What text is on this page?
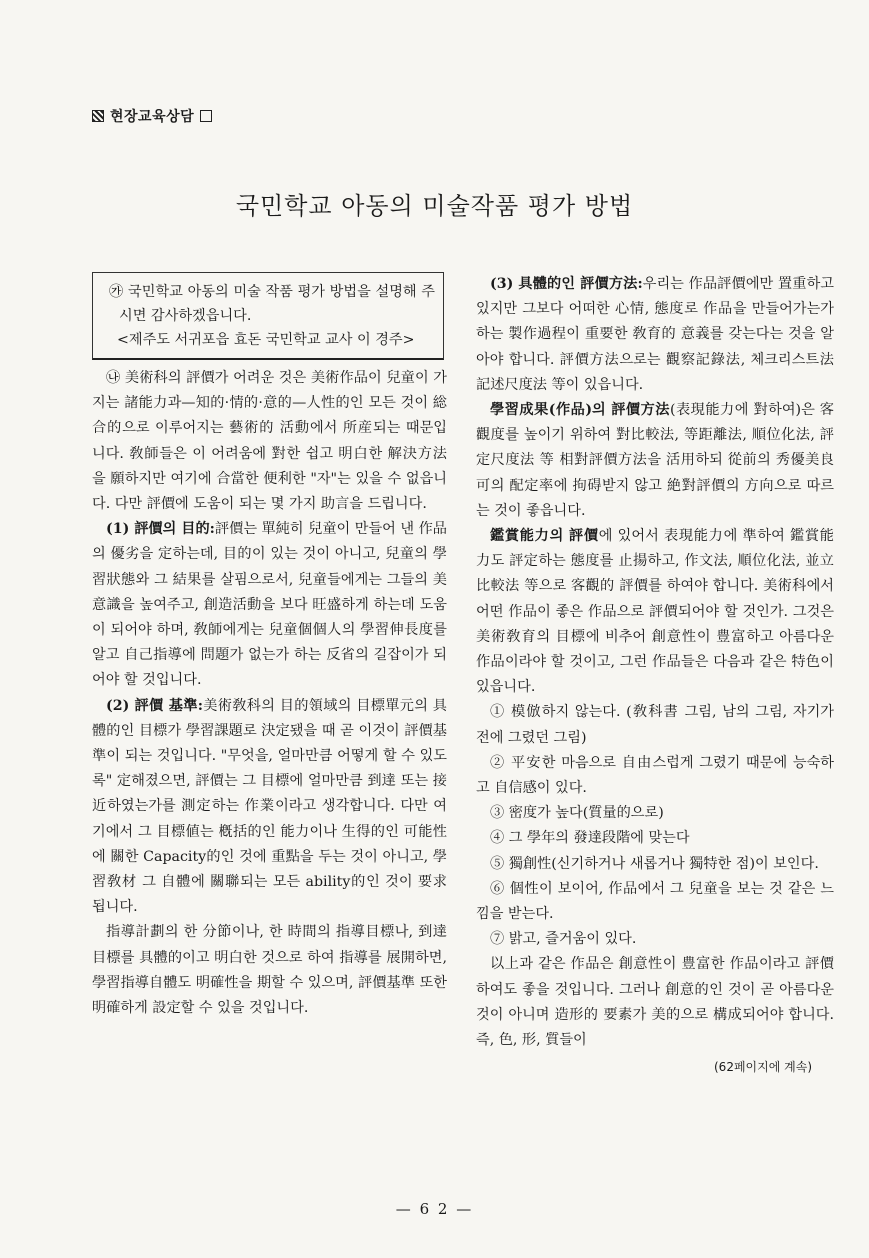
현장교육상담
국민학교 아동의 미술작품 평가 방법

㉮ 국민학교 아동의 미술 작품 평가 방법을 설명해 주시면 감사하겠읍니다.

<제주도 서귀포읍 효돈 국민학교 교사 이 경주>

㉯ 美術科의 評價가 어려운 것은 美術作品이 兒童이 가지는 諸能力과—知的·情的·意的—人性的인 모든 것이 総合的으로 이루어지는 藝術的 活動에서 所産되는 때문입니다. 敎師들은 이 어려움에 對한 쉽고 明白한 解決方法을 願하지만 여기에 合當한 便利한 "자"는 있을 수 없읍니다. 다만 評價에 도움이 되는 몇 가지 助言을 드립니다.

(1) 評價의 目的:評價는 單純히 兒童이 만들어 낸 作品의 優劣을 定하는데, 目的이 있는 것이 아니고, 兒童의 學習狀態와 그 結果를 살핌으로서, 兒童들에게는 그들의 美意識을 높여주고, 創造活動을 보다 旺盛하게 하는데 도움이 되어야 하며, 敎師에게는 兒童個個人의 學習伸長度를 알고 自己指導에 問題가 없는가 하는 反省의 길잡이가 되어야 할 것입니다.

(2) 評價 基準:美術敎科의 目的領域의 目標單元의 具體的인 目標가 學習課題로 決定됐을 때 곧 이것이 評價基準이 되는 것입니다. "무엇을, 얼마만큼 어떻게 할 수 있도록" 定해졌으면, 評價는 그 目標에 얼마만큼 到達 또는 接近하였는가를 測定하는 作業이라고 생각합니다. 다만 여기에서 그 目標値는 槪括的인 能力이나 生得的인 可能性에 關한 Capacity的인 것에 重點을 두는 것이 아니고, 學習敎材 그 自體에 關聯되는 모든 ability的인 것이 要求됩니다.

指導計劃의 한 分節이나, 한 時間의 指導目標나, 到達目標를 具體的이고 明白한 것으로 하여 指導를 展開하면, 學習指導自體도 明確性을 期할 수 있으며, 評價基準 또한 明確하게 設定할 수 있을 것입니다.

(3) 具體的인 評價方法:우리는 作品評價에만 置重하고 있지만 그보다 어떠한 心情, 態度로 作品을 만들어가는가 하는 製作過程이 重要한 敎育的 意義를 갖는다는 것을 알아야 합니다. 評價方法으로는 觀察記錄法, 체크리스트法 記述尺度法 等이 있읍니다.

學習成果(作品)의 評價方法(表現能力에 對하여)은 客觀度를 높이기 위하여 對比較法, 等距離法, 順位化法, 評定尺度法 等 相對評價方法을 活用하되 從前의 秀優美良可의 配定率에 拘碍받지 않고 絶對評價의 方向으로 따르는 것이 좋읍니다.

鑑賞能力의 評價에 있어서 表現能力에 準하여 鑑賞能力도 評定하는 態度를 止揚하고, 作文法, 順位化法, 並立比較法 等으로 客觀的 評價를 하여야 합니다. 美術科에서 어떤 作品이 좋은 作品으로 評價되어야 할 것인가. 그것은 美術敎育의 目標에 비추어 創意性이 豊富하고 아름다운 作品이라야 할 것이고, 그런 作品들은 다음과 같은 特色이 있읍니다.

① 模倣하지 않는다. (敎科書 그림, 남의 그림, 자기가 전에 그렸던 그림)

② 平安한 마음으로 自由스럽게 그렸기 때문에 능숙하고 自信感이 있다.

③ 密度가 높다(質量的으로)

④ 그 學年의 發達段階에 맞는다

⑤ 獨創性(신기하거나 새롭거나 獨特한 점)이 보인다.

⑥ 個性이 보이어, 作品에서 그 兒童을 보는 것 같은 느낌을 받는다.

⑦ 밝고, 즐거움이 있다.

以上과 같은 作品은 創意性이 豊富한 作品이라고 評價하여도 좋을 것입니다. 그러나 創意的인 것이 곧 아름다운 것이 아니며 造形的 要素가 美的으로 構成되어야 합니다. 즉, 色, 形, 質들이

(62페이지에 계속)
— 6 2 —
